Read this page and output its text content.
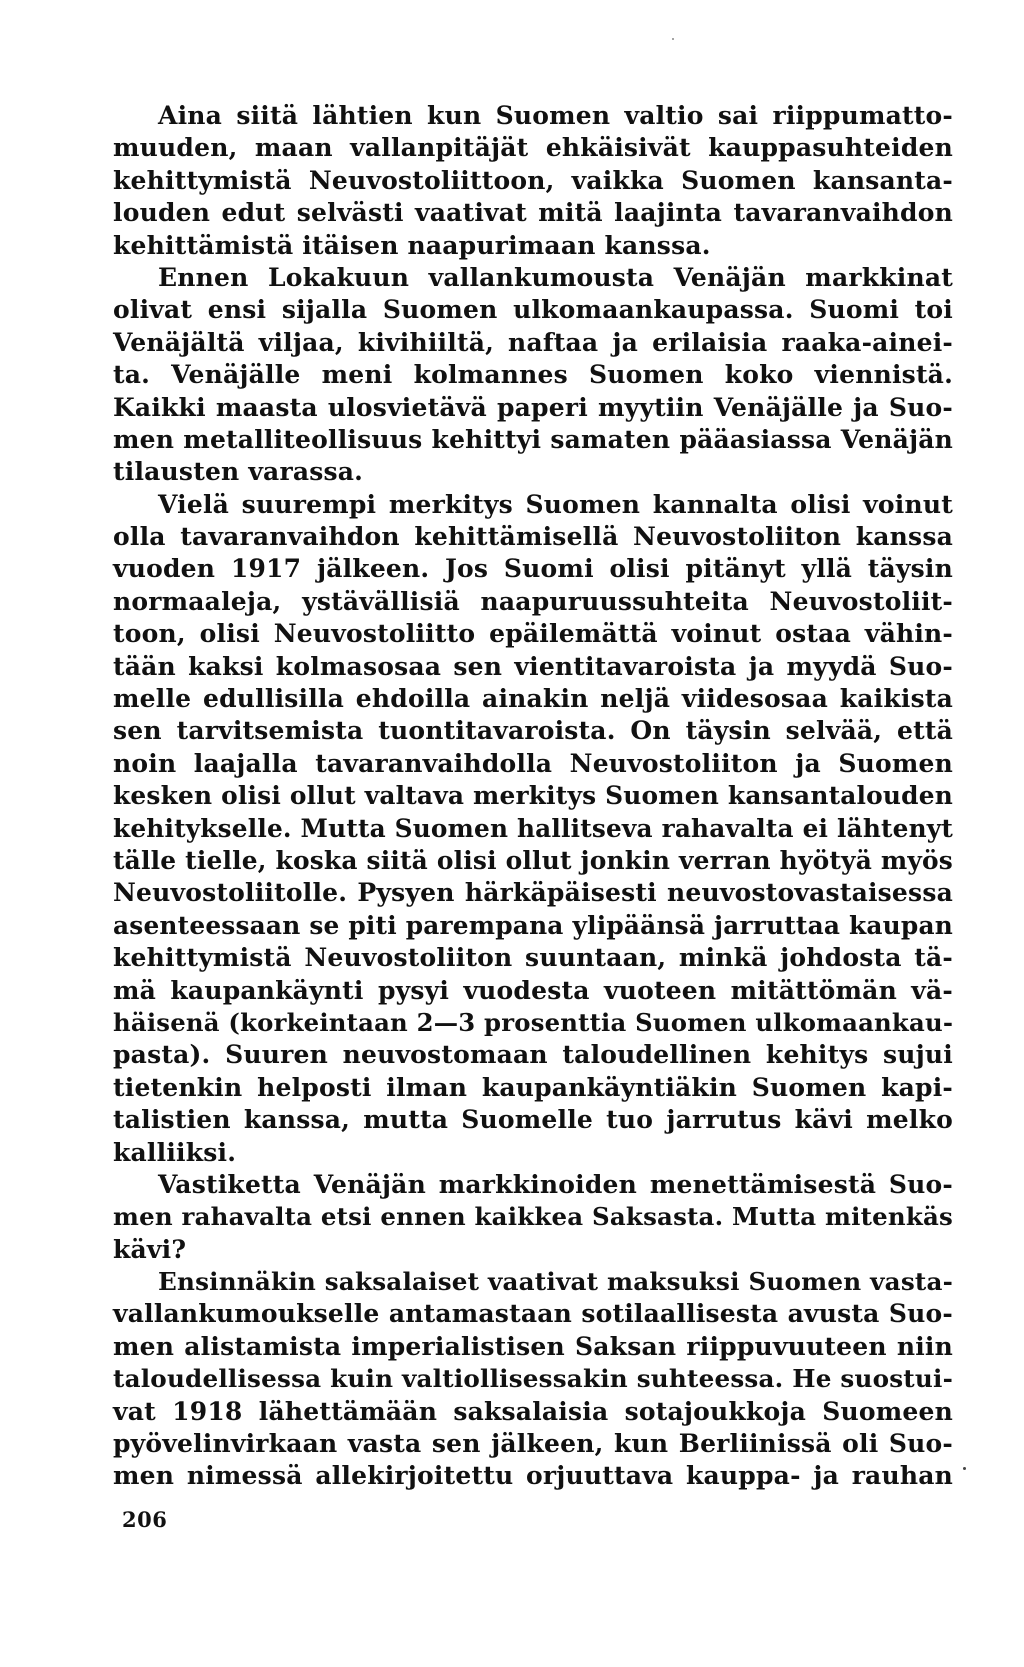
Aina siitä lähtien kun Suomen valtio sai riippumatto-
muuden, maan vallanpitäjät ehkäisivät kauppasuhteiden
kehittymistä Neuvostoliittoon, vaikka Suomen kansanta-
louden edut selvästi vaativat mitä laajinta tavaranvaihdon
kehittämistä itäisen naapurimaan kanssa.
Ennen Lokakuun vallankumousta Venäjän markkinat
olivat ensi sijalla Suomen ulkomaankaupassa. Suomi toi
Venäjältä viljaa, kivihiiltä, naftaa ja erilaisia raaka-ainei-
ta. Venäjälle meni kolmannes Suomen koko viennistä.
Kaikki maasta ulosvietävä paperi myytiin Venäjälle ja Suo-
men metalliteollisuus kehittyi samaten pääasiassa Venäjän
tilausten varassa.
Vielä suurempi merkitys Suomen kannalta olisi voinut
olla tavaranvaihdon kehittämisellä Neuvostoliiton kanssa
vuoden 1917 jälkeen. Jos Suomi olisi pitänyt yllä täysin
normaaleja, ystävällisiä naapuruussuhteita Neuvostoliit-
toon, olisi Neuvostoliitto epäilemättä voinut ostaa vähin-
tään kaksi kolmasosaa sen vientitavaroista ja myydä Suo-
melle edullisilla ehdoilla ainakin neljä viidesosaa kaikista
sen tarvitsemista tuontitavaroista. On täysin selvää, että
noin laajalla tavaranvaihdolla Neuvostoliiton ja Suomen
kesken olisi ollut valtava merkitys Suomen kansantalouden
kehitykselle. Mutta Suomen hallitseva rahavalta ei lähtenyt
tälle tielle, koska siitä olisi ollut jonkin verran hyötyä myös
Neuvostoliitolle. Pysyen härkäpäisesti neuvostovastaisessa
asenteessaan se piti parempana ylipäänsä jarruttaa kaupan
kehittymistä Neuvostoliiton suuntaan, minkä johdosta tä-
mä kaupankäynti pysyi vuodesta vuoteen mitättömän vä-
häisenä (korkeintaan 2—3 prosenttia Suomen ulkomaankau-
pasta). Suuren neuvostomaan taloudellinen kehitys sujui
tietenkin helposti ilman kaupankäyntiäkin Suomen kapi-
talistien kanssa, mutta Suomelle tuo jarrutus kävi melko
kalliiksi.
Vastiketta Venäjän markkinoiden menettämisestä Suo-
men rahavalta etsi ennen kaikkea Saksasta. Mutta mitenkäs
kävi?
Ensinnäkin saksalaiset vaativat maksuksi Suomen vasta-
vallankumoukselle antamastaan sotilaallisesta avusta Suo-
men alistamista imperialistisen Saksan riippuvuuteen niin
taloudellisessa kuin valtiollisessakin suhteessa. He suostui-
vat 1918 lähettämään saksalaisia sotajoukkoja Suomeen
pyövelinvirkaan vasta sen jälkeen, kun Berliinissä oli Suo-
men nimessä allekirjoitettu orjuuttava kauppa- ja rauhan
206
